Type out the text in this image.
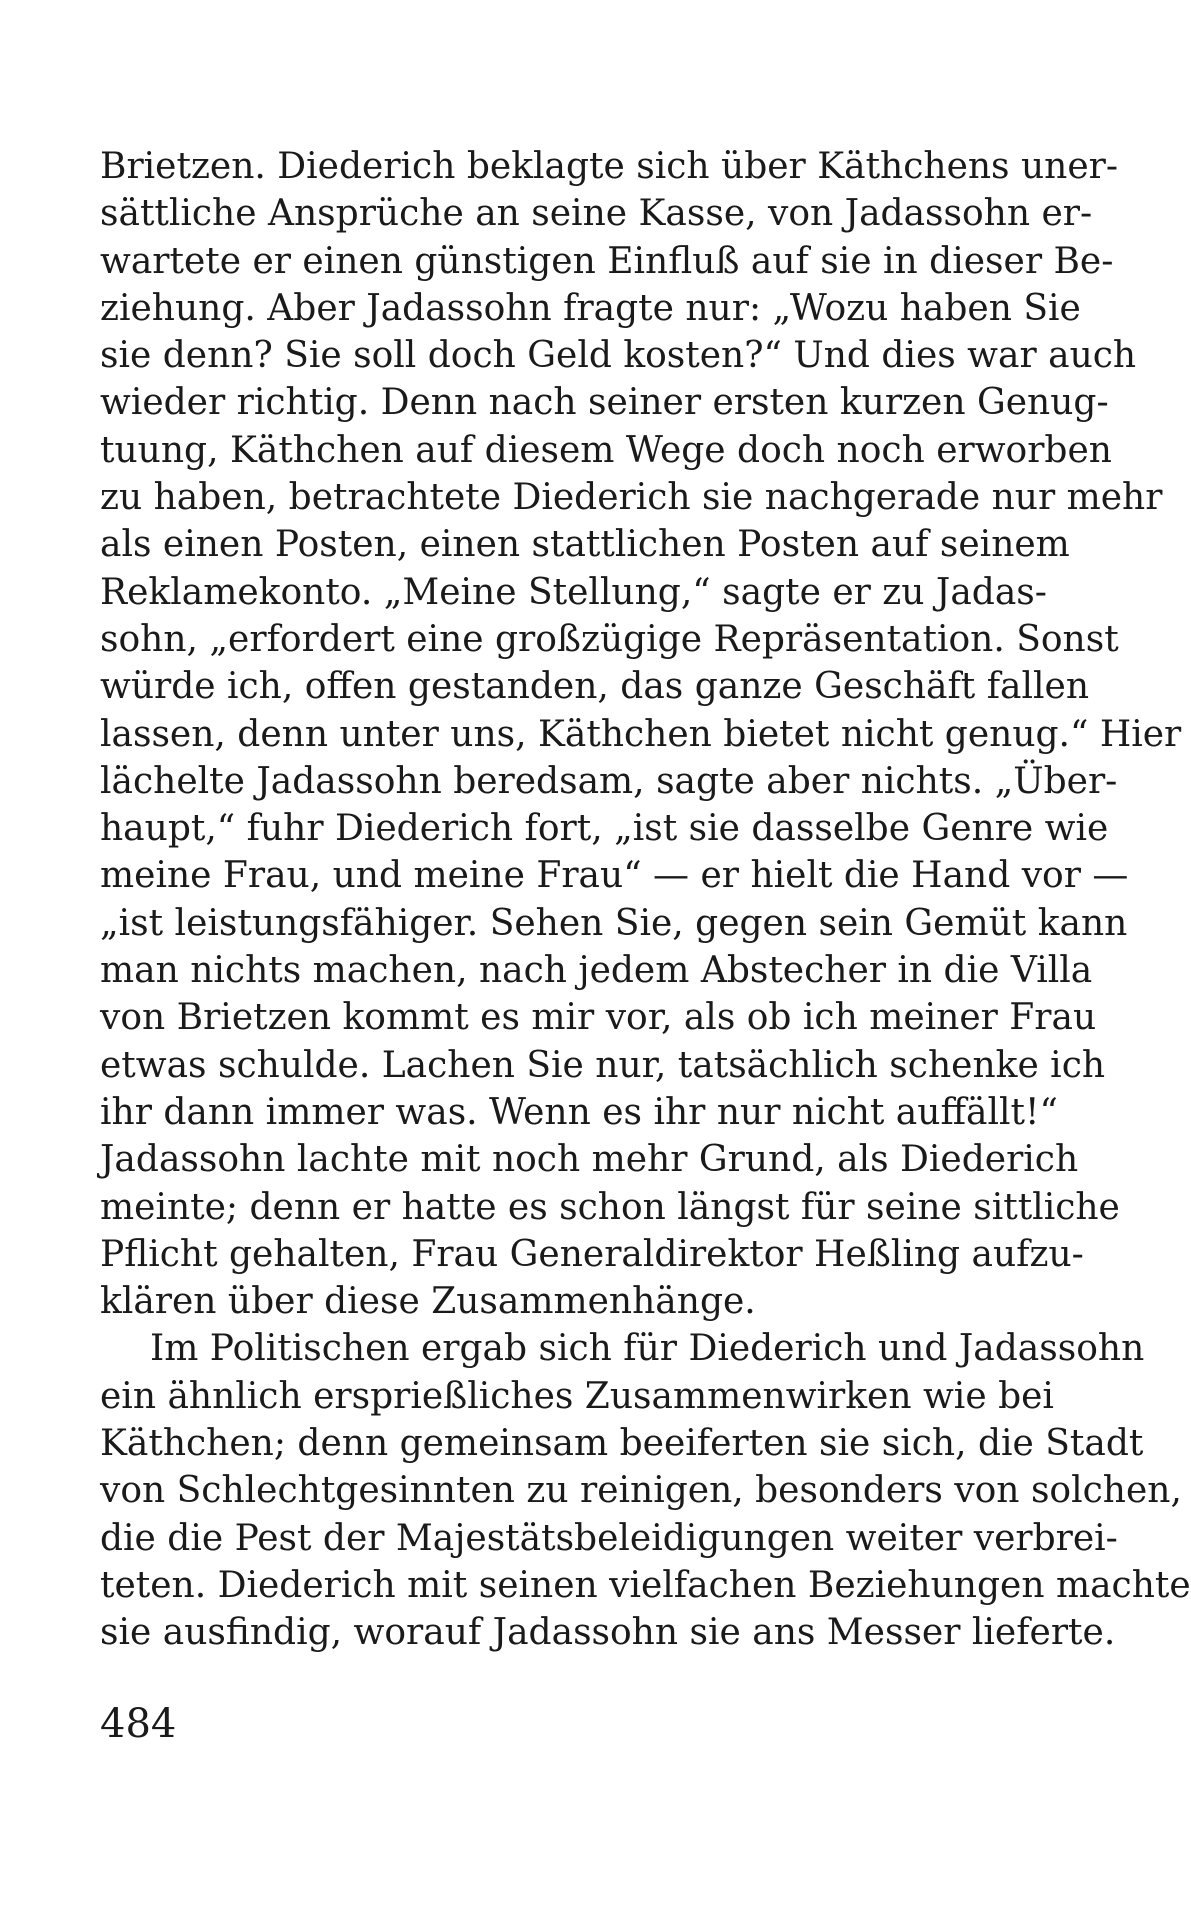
Brietzen. Diederich beklagte sich über Käthchens uner-
sättliche Ansprüche an seine Kasse, von Jadassohn er-
wartete er einen günstigen Einfluß auf sie in dieser Be-
ziehung. Aber Jadassohn fragte nur: „Wozu haben Sie
sie denn? Sie soll doch Geld kosten?“ Und dies war auch
wieder richtig. Denn nach seiner ersten kurzen Genug-
tuung, Käthchen auf diesem Wege doch noch erworben
zu haben, betrachtete Diederich sie nachgerade nur mehr
als einen Posten, einen stattlichen Posten auf seinem
Reklamekonto. „Meine Stellung,“ sagte er zu Jadas-
sohn, „erfordert eine großzügige Repräsentation. Sonst
würde ich, offen gestanden, das ganze Geschäft fallen
lassen, denn unter uns, Käthchen bietet nicht genug.“ Hier
lächelte Jadassohn beredsam, sagte aber nichts. „Über-
haupt,“ fuhr Diederich fort, „ist sie dasselbe Genre wie
meine Frau, und meine Frau“ — er hielt die Hand vor —
„ist leistungsfähiger. Sehen Sie, gegen sein Gemüt kann
man nichts machen, nach jedem Abstecher in die Villa
von Brietzen kommt es mir vor, als ob ich meiner Frau
etwas schulde. Lachen Sie nur, tatsächlich schenke ich
ihr dann immer was. Wenn es ihr nur nicht auffällt!“
Jadassohn lachte mit noch mehr Grund, als Diederich
meinte; denn er hatte es schon längst für seine sittliche
Pflicht gehalten, Frau Generaldirektor Heßling aufzu-
klären über diese Zusammenhänge.
Im Politischen ergab sich für Diederich und Jadassohn
ein ähnlich ersprießliches Zusammenwirken wie bei
Käthchen; denn gemeinsam beeiferten sie sich, die Stadt
von Schlechtgesinnten zu reinigen, besonders von solchen,
die die Pest der Majestätsbeleidigungen weiter verbrei-
teten. Diederich mit seinen vielfachen Beziehungen machte
sie ausfindig, worauf Jadassohn sie ans Messer lieferte.
484
